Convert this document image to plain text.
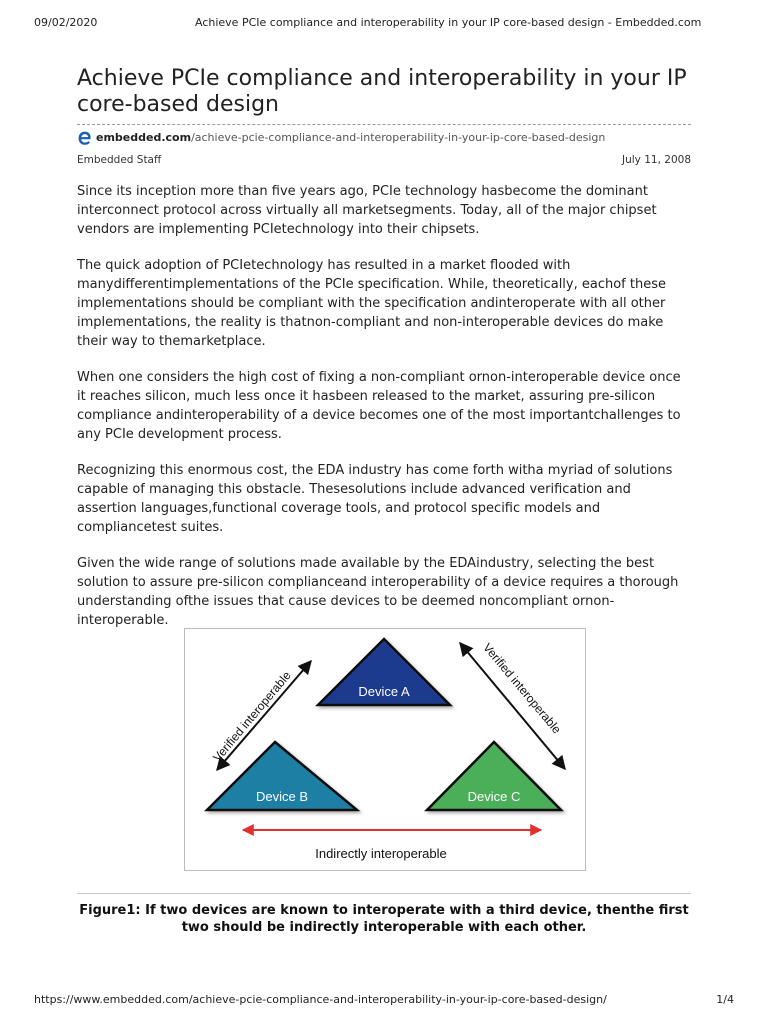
09/02/2020	Achieve PCIe compliance and interoperability in your IP core-based design - Embedded.com
Achieve PCIe compliance and interoperability in your IP core-based design
embedded.com/achieve-pcie-compliance-and-interoperability-in-your-ip-core-based-design
Embedded Staff	July 11, 2008

Since its inception more than five years ago, PCIe technology hasbecome the dominant interconnect protocol across virtually all marketsegments. Today, all of the major chipset vendors are implementing PCIetechnology into their chipsets.

The quick adoption of PCIetechnology has resulted in a market flooded with manydifferentimplementations of the PCIe specification. While, theoretically, eachof these implementations should be compliant with the specification andinteroperate with all other implementations, the reality is thatnon-compliant and non-interoperable devices do make their way to themarketplace.

When one considers the high cost of fixing a non-compliant ornon-interoperable device once it reaches silicon, much less once it hasbeen released to the market, assuring pre-silicon compliance andinteroperability of a device becomes one of the most importantchallenges to any PCIe development process.

Recognizing this enormous cost, the EDA industry has come forth witha myriad of solutions capable of managing this obstacle. Thesesolutions include advanced verification and assertion languages,functional coverage tools, and protocol specific models and compliancetest suites.

Given the wide range of solutions made available by the EDAindustry, selecting the best solution to assure pre-silicon complianceand interoperability of a device requires a thorough understanding ofthe issues that cause devices to be deemed noncompliant ornon-interoperable.

Device A
Device B	Device C
Verified interoperable	Verified interoperable
Indirectly interoperable
Figure1: If two devices are known to interoperate with a third device, thenthe first two should be indirectly interoperable with each other.
https://www.embedded.com/achieve-pcie-compliance-and-interoperability-in-your-ip-core-based-design/	1/4
